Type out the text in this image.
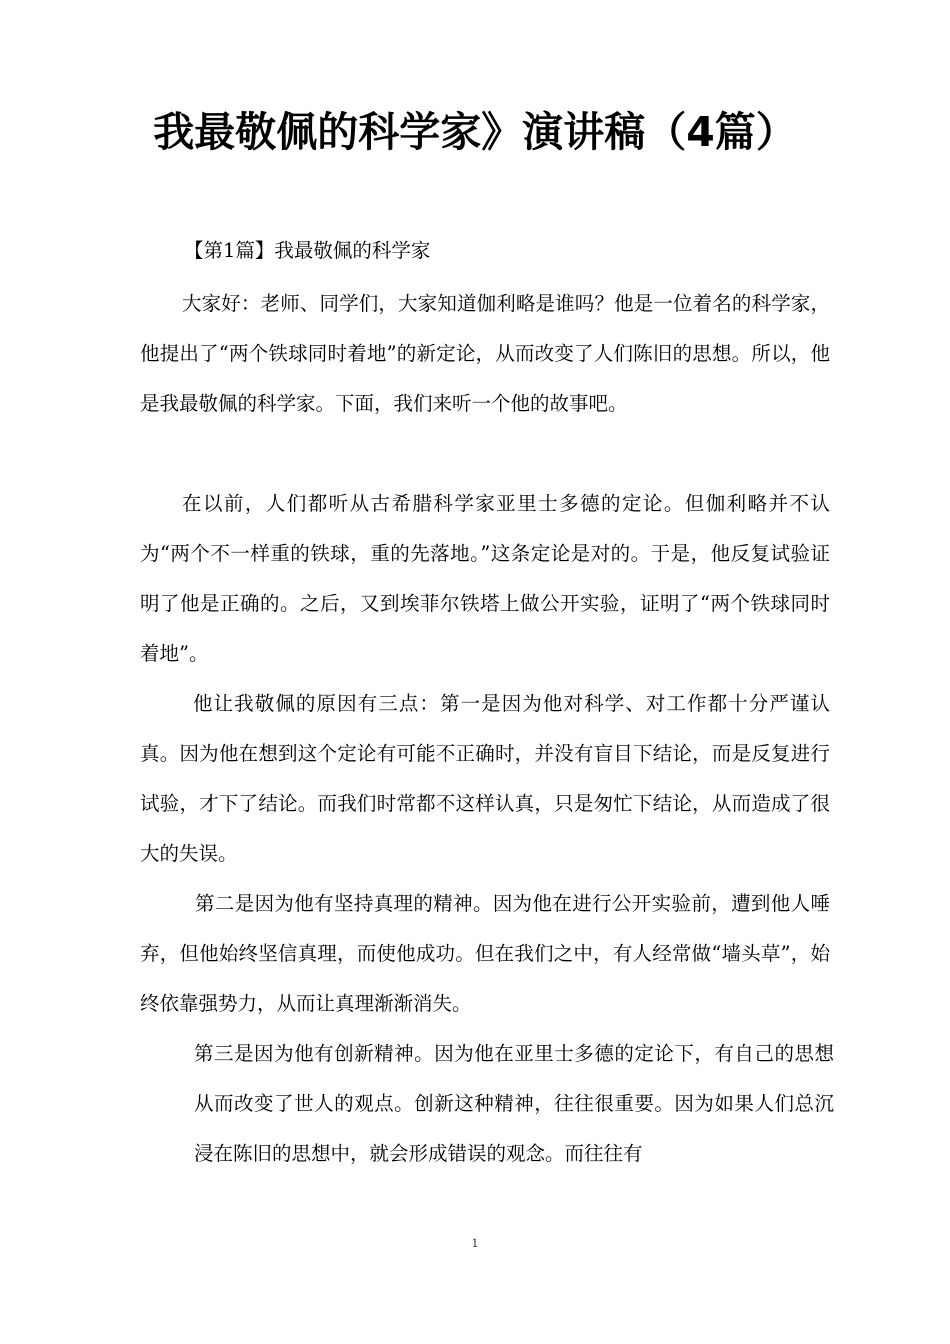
我最敬佩的科学家》演讲稿（4篇）

【第1篇】我最敬佩的科学家

大家好：老师、同学们，大家知道伽利略是谁吗？他是一位着名的科学家，他提出了“两个铁球同时着地”的新定论，从而改变了人们陈旧的思想。所以，他是我最敬佩的科学家。下面，我们来听一个他的故事吧。

在以前，人们都听从古希腊科学家亚里士多德的定论。但伽利略并不认为“两个不一样重的铁球，重的先落地。”这条定论是对的。于是，他反复试验证明了他是正确的。之后，又到埃菲尔铁塔上做公开实验，证明了“两个铁球同时着地”。

他让我敬佩的原因有三点：第一是因为他对科学、对工作都十分严谨认真。因为他在想到这个定论有可能不正确时，并没有盲目下结论，而是反复进行试验，才下了结论。而我们时常都不这样认真，只是匆忙下结论，从而造成了很大的失误。

第二是因为他有坚持真理的精神。因为他在进行公开实验前，遭到他人唾弃，但他始终坚信真理，而使他成功。但在我们之中，有人经常做“墙头草”，始终依靠强势力，从而让真理渐渐消失。

第三是因为他有创新精神。因为他在亚里士多德的定论下，有自己的思想从而改变了世人的观点。创新这种精神，往往很重要。因为如果人们总沉浸在陈旧的思想中，就会形成错误的观念。而往往有

1
